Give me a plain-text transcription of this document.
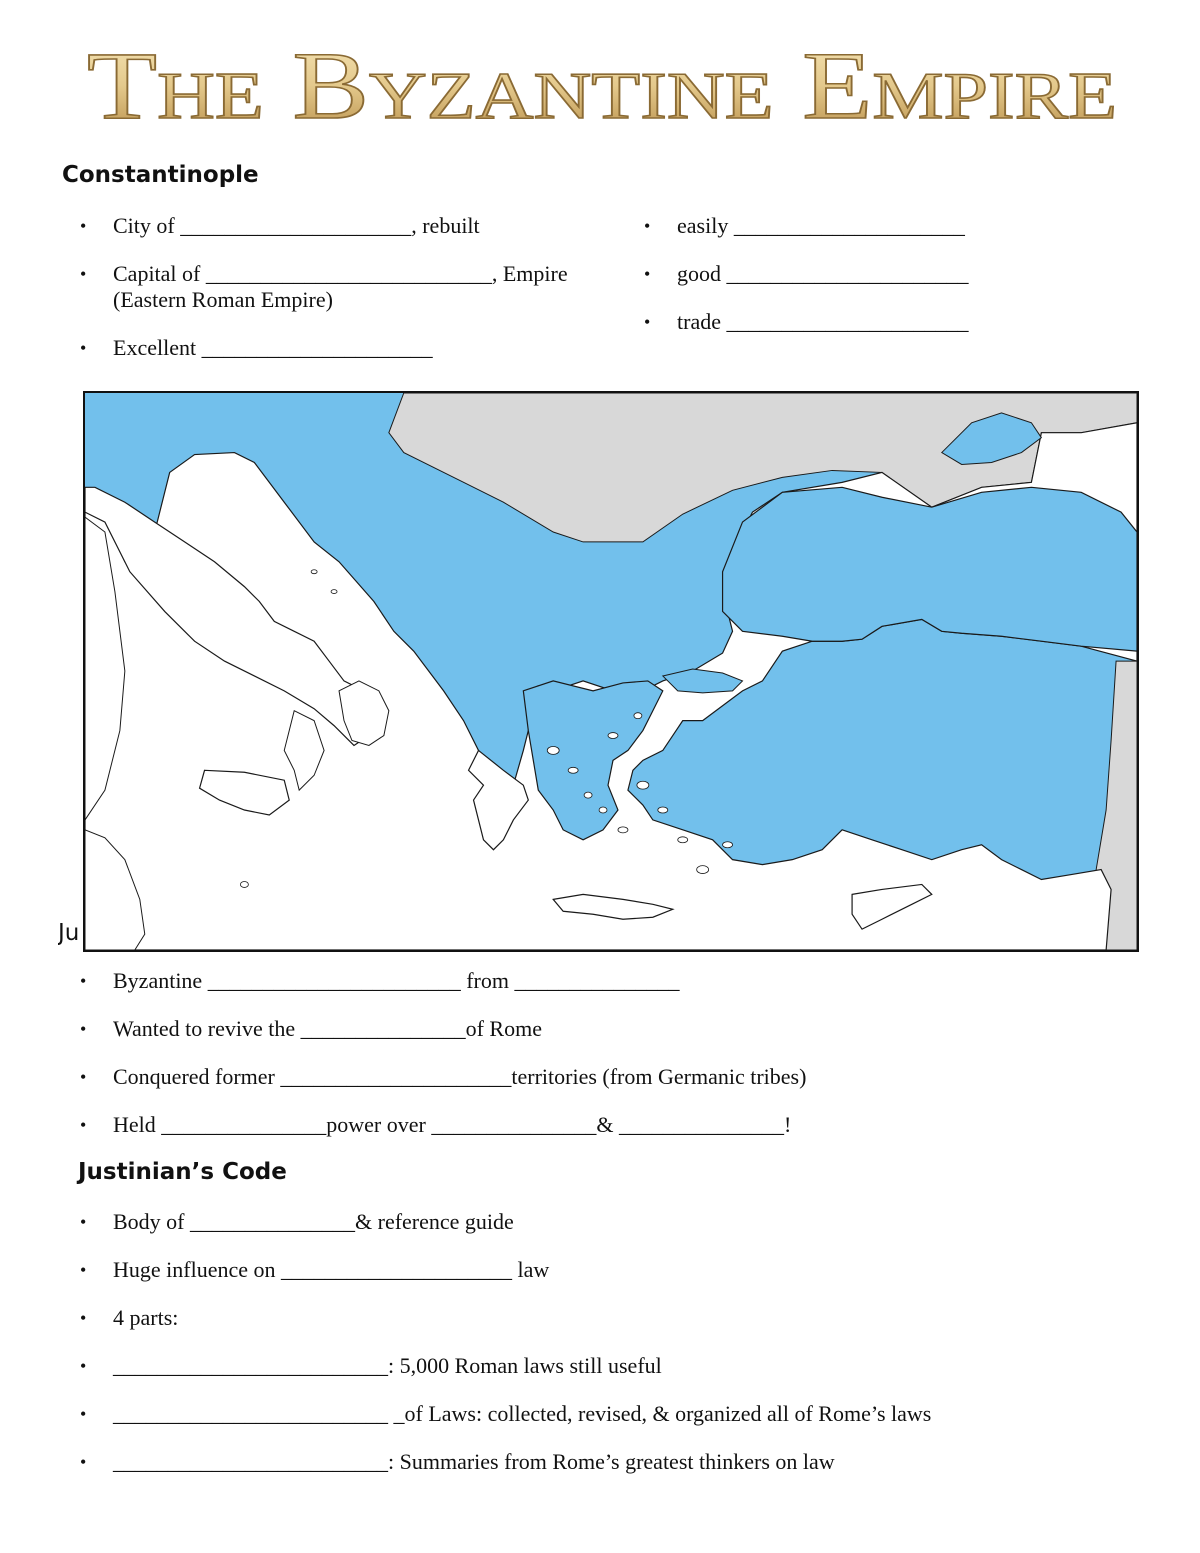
The Byzantine Empire
Constantinople
• City of _____________________, rebuilt
• Capital of __________________________, Empire (Eastern Roman Empire)
• Excellent _____________________
• easily _____________________
• good ______________________
• trade ______________________
Ju
• Byzantine _______________________ from _______________
• Wanted to revive the _______________of Rome
• Conquered former _____________________territories (from Germanic tribes)
• Held _______________power over _______________& _______________!
Justinian’s Code
• Body of _______________& reference guide
• Huge influence on _____________________ law
• 4 parts:
• _________________________: 5,000 Roman laws still useful
• _________________________ _of Laws: collected, revised, & organized all of Rome’s laws
• _________________________: Summaries from Rome’s greatest thinkers on law
